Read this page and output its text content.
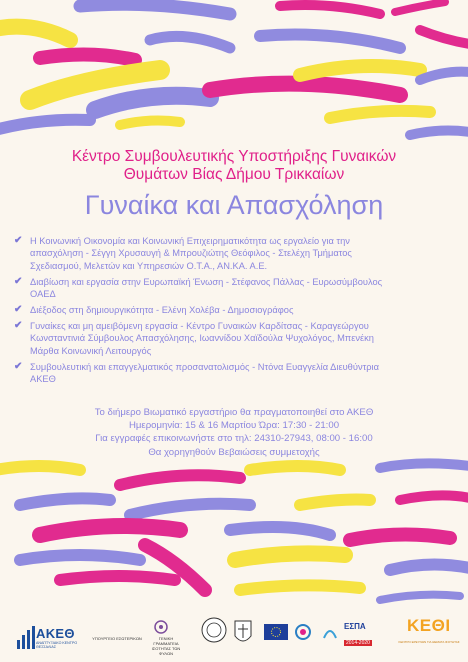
Κέντρο Συμβουλευτικής Υποστήριξης Γυναικών
Θυμάτων Βίας Δήμου Τρικκαίων
Γυναίκα και Απασχόληση
✔ Η Κοινωνική Οικονομία και Κοινωνική Επιχειρηματικότητα ως εργαλείο για την
απασχόληση - Σέγγη Χρυσαυγή & Μπρουζιώτης Θεόφιλος - Στελέχη Τμήματος
Σχεδιασμού, Μελετών και Υπηρεσιών Ο.Τ.Α., ΑΝ.ΚΑ. Α.Ε.
✔ Διαβίωση και εργασία στην Ευρωπαϊκή Ένωση - Στέφανος Πάλλας - Ευρωσύμβουλος
ΟΑΕΔ
✔ Διέξοδος στη δημιουργικότητα - Ελένη Χολέβα - Δημοσιογράφος
✔ Γυναίκες και μη αμειβόμενη εργασία - Κέντρο Γυναικών Καρδίτσας - Καραγεώργου
Κωνσταντινιά Σύμβουλος Απασχόλησης, Ιωαννίδου Χαϊδούλα Ψυχολόγος, Μπενέκη
Μάρθα Κοινωνική Λειτουργός
✔ Συμβουλευτική και επαγγελματικός προσανατολισμός - Ντόνα Ευαγγελία Διευθύντρια
ΑΚΕΘ
Το διήμερο Βιωματικό εργαστήριο θα πραγματοποιηθεί στο ΑΚΕΘ
Ημερομηνία: 15 & 16 Μαρτίου Ώρα: 17:30 - 21:00
Για εγγραφές επικοινωνήστε στο τηλ: 24310-27943, 08:00 - 16:00
Θα χορηγηθούν Βεβαιώσεις συμμετοχής
ΑΚΕΘ
ΑΝΑΠΤΥΞΙΑΚΟ ΚΕΝΤΡΟ ΘΕΣΣΑΛΙΑΣ
ΥΠΟΥΡΓΕΙΟ ΕΣΩΤΕΡΙΚΩΝ	ΓΕΝΙΚΗ ΓΡΑΜΜΑΤΕΙΑ ΙΣΟΤΗΤΑΣ ΤΩΝ ΦΥΛΩΝ
ΕΣΠΑ
2014-2020
ΚΕΘΙ
ΚΕΝΤΡΟ ΕΡΕΥΝΩΝ ΓΙΑ ΘΕΜΑΤΑ ΙΣΟΤΗΤΑΣ
